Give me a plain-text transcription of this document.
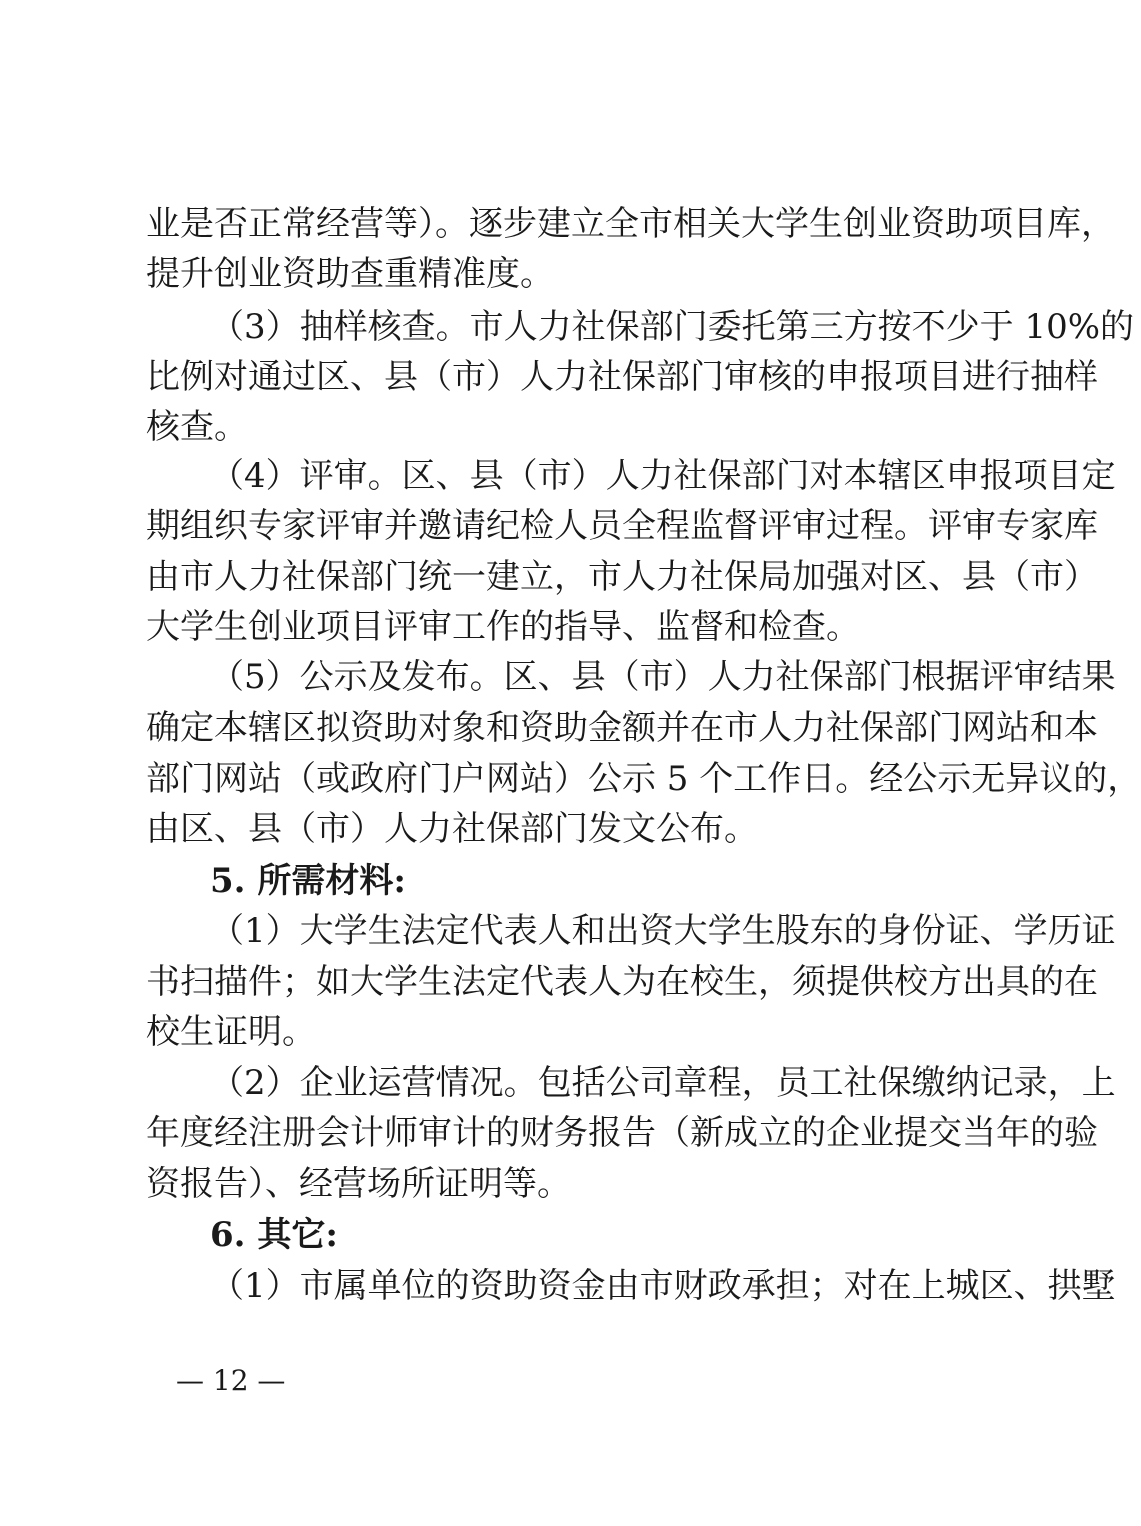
业是否正常经营等）。逐步建立全市相关大学生创业资助项目库，
提升创业资助查重精准度。
（3）抽样核查。市人力社保部门委托第三方按不少于 10%的
比例对通过区、县（市）人力社保部门审核的申报项目进行抽样
核查。
（4）评审。区、县（市）人力社保部门对本辖区申报项目定
期组织专家评审并邀请纪检人员全程监督评审过程。评审专家库
由市人力社保部门统一建立，市人力社保局加强对区、县（市）
大学生创业项目评审工作的指导、监督和检查。
（5）公示及发布。区、县（市）人力社保部门根据评审结果
确定本辖区拟资助对象和资助金额并在市人力社保部门网站和本
部门网站（或政府门户网站）公示 5 个工作日。经公示无异议的，
由区、县（市）人力社保部门发文公布。
5. 所需材料:
（1）大学生法定代表人和出资大学生股东的身份证、学历证
书扫描件；如大学生法定代表人为在校生，须提供校方出具的在
校生证明。
（2）企业运营情况。包括公司章程，员工社保缴纳记录，上
年度经注册会计师审计的财务报告（新成立的企业提交当年的验
资报告）、经营场所证明等。
6. 其它:
（1）市属单位的资助资金由市财政承担；对在上城区、拱墅
— 12 —
